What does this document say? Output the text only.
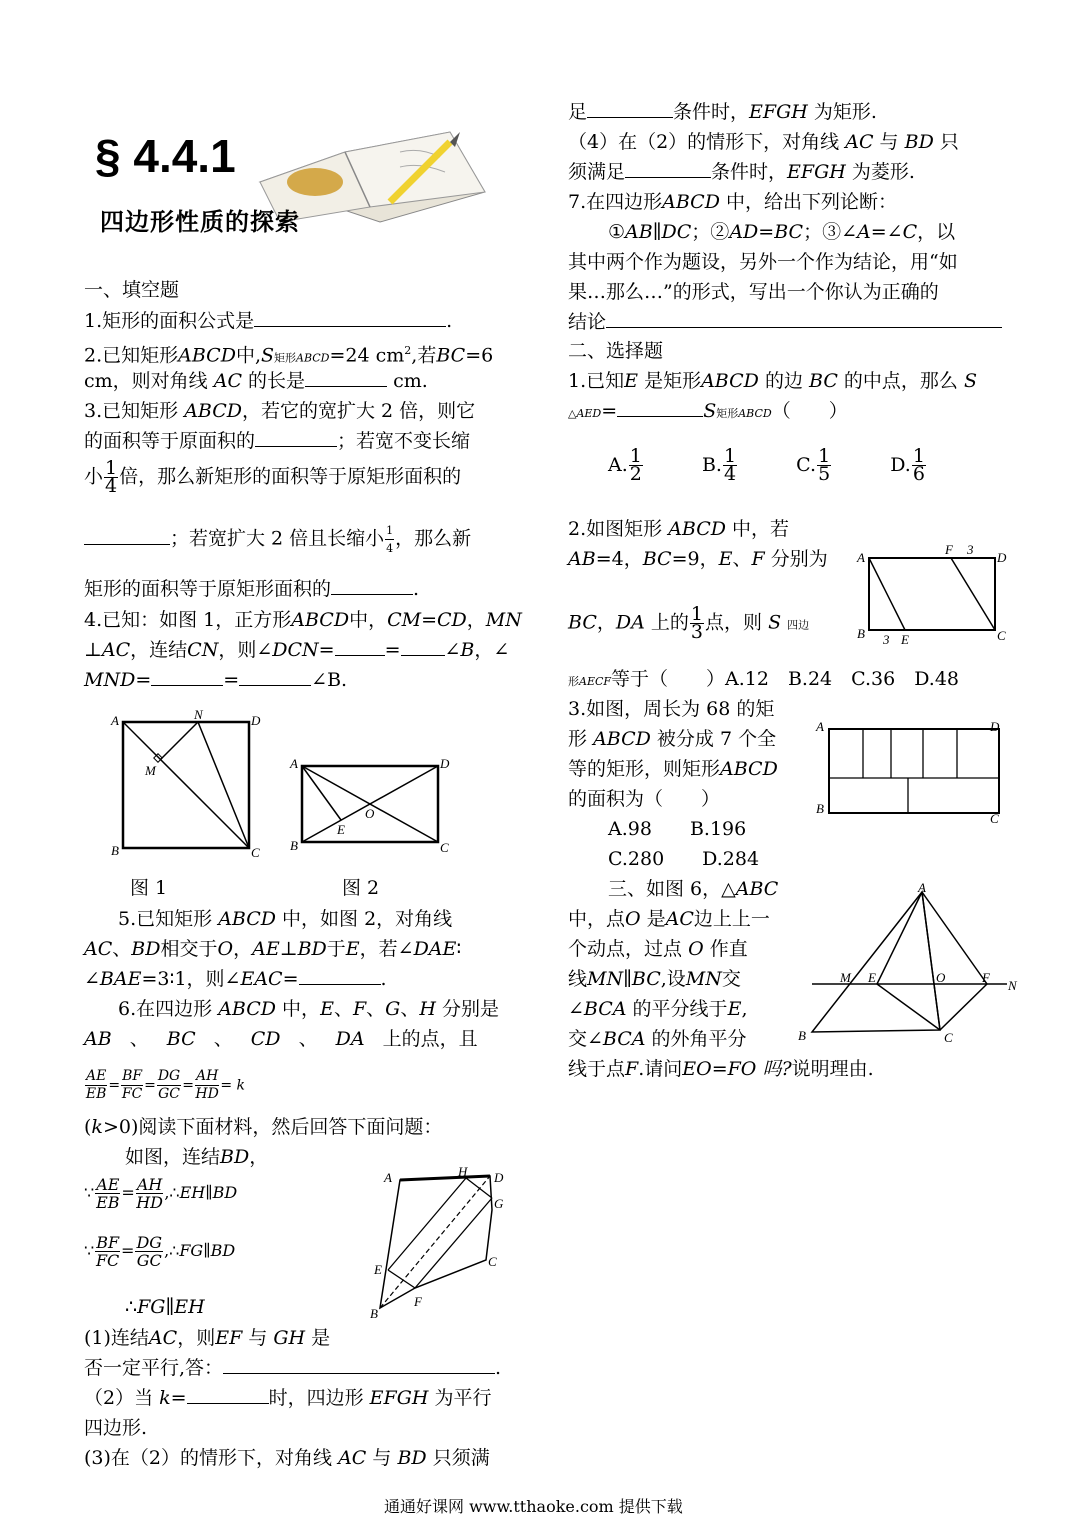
§ 4.4.1
四边形性质的探索
一、填空题
1.矩形的面积公式是	.
2.已知矩形ABCD中,S矩形ABCD=24 $cm^2$,若BC=6
cm，则对角线 AC 的长是	cm.
3.已知矩形 ABCD，若它的宽扩大 2 倍，则它
的面积等于原面积的	；若宽不变长缩
小 $\frac{1}{4}$ 倍，那么新矩形的面积等于原矩形面积的
；若宽扩大 2 倍且长缩小 $\frac{1}{4}$ ，那么新
矩形的面积等于原矩形面积的	.
4.已知：如图 1，正方形ABCD中，CM=CD，MN
⊥AC，连结CN，则∠DCN=	= ∠B，∠
MND=	=	∠B.
A	N	D
M
B	C
A	D
E
O
B	C
图 1	图 2
5.已知矩形 ABCD 中，如图 2，对角线
AC、BD相交于O，AE⊥BD于E，若∠DAE∶
∠BAE=3∶1，则∠EAC=	.
6.在四边形 ABCD 中，E、F、G、H 分别是
AB 、 BC 、 CD 、 DA 上的点，且
$\frac{AE}{EB} = \frac{BF}{FC} = \frac{DG}{GC} = \frac{AH}{HD} = k$
(k>0)阅读下面材料，然后回答下面问题：
如图，连结BD，
∵ $\frac{AE}{EB} = \frac{AH}{HD}$ ,∴EH∥BD
∵ $\frac{BF}{FC} = \frac{DG}{GC}$ ,∴FG∥BD
∴FG∥EH
A	H D
G
C
E
F
B
(1)连结AC，则EF 与 GH 是
否一定平行,答：	.
（2）当 k=	时，四边形 EFGH 为平行
四边形.
(3)在（2）的情形下，对角线 AC 与 BD 只须满
足	条件时，EFGH 为矩形.
（4）在（2）的情形下，对角线 AC 与 BD 只
须满足	条件时，EFGH 为菱形.
7.在四边形ABCD 中，给出下列论断：
①AB∥DC；②AD=BC；③∠A=∠C，以
其中两个作为题设，另外一个作为结论，用“如
果…那么…”的形式，写出一个你认为正确的
结论
二、选择题
1.已知E 是矩形ABCD 的边 BC 的中点，那么 S
△AED=	S矩形ABCD（　　）
A. $\frac{1}{2}$	B. $\frac{1}{4}$	C. $\frac{1}{5}$	D. $\frac{1}{6}$
2.如图矩形 ABCD 中，若
AB=4，BC=9，E、F 分别为
BC，DA 上的 $\frac{1}{3}$ 点，则 S 四边
形AECF等于（　　）A.12　B.24　C.36　D.48
A
F 3
D
B 3 E	C
3.如图，周长为 68 的矩
形 ABCD 被分成 7 个全
等的矩形，则矩形ABCD
的面积为（　　）
A.98　　B.196
C.280　　D.284
A	D
B
C
三、如图 6，△ABC
中，点O 是AC边上上一
个动点，过点 O 作直
线MN∥BC,设MN交
∠BCA 的平分线于E,
交∠BCA 的外角平分
线于点F.请问EO=FO 吗?说明理由.
A
M E	O	F
N
B	C
通通好课网 www.tthaoke.com 提供下载
